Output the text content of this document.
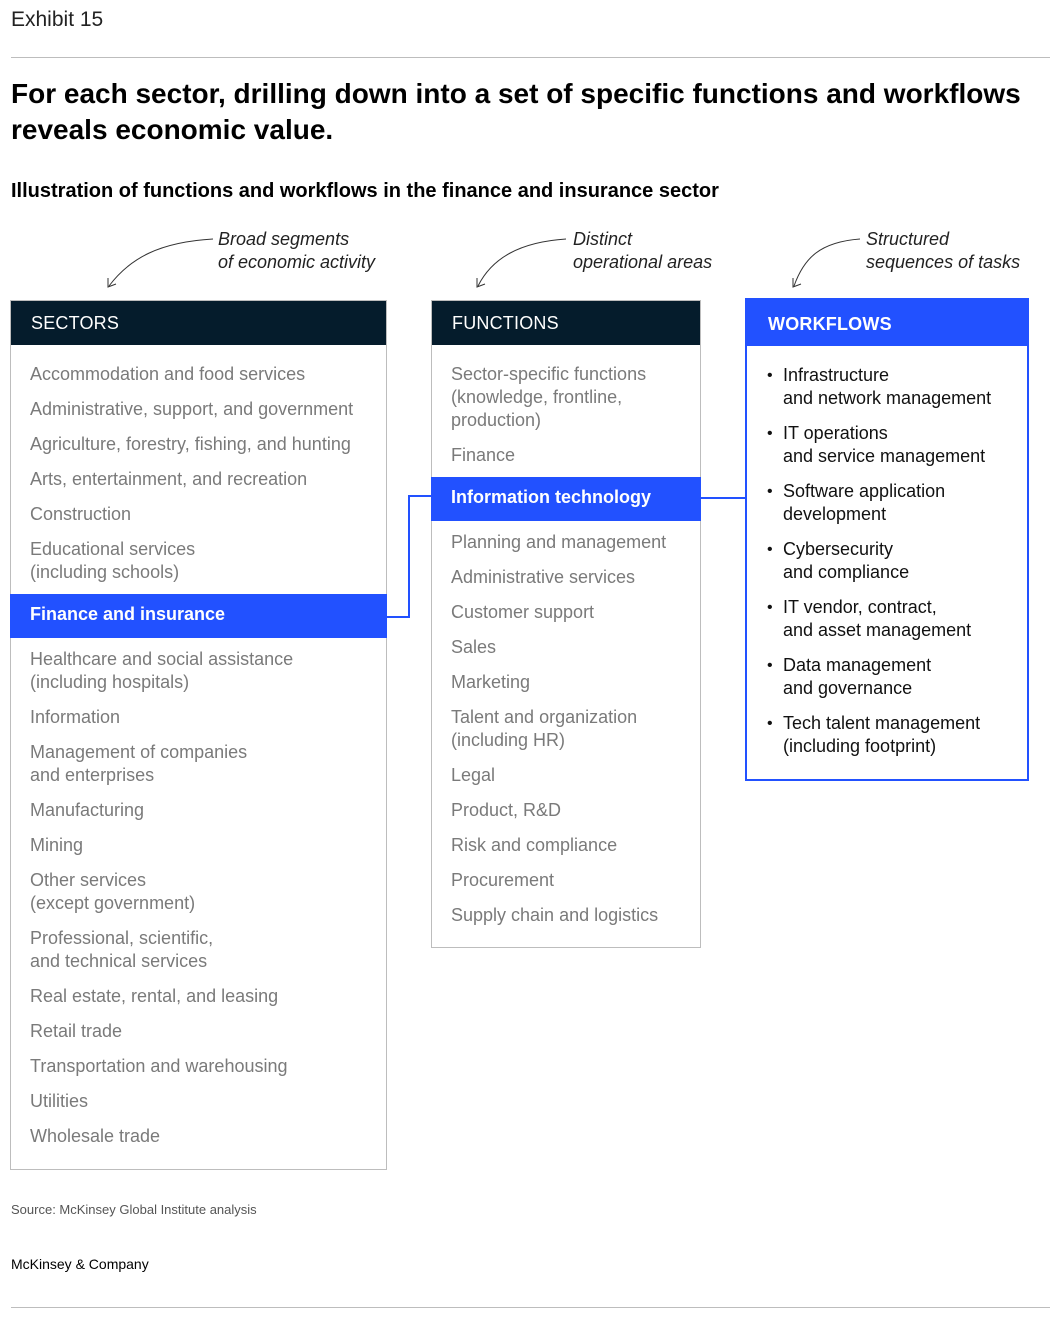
Exhibit 15
For each sector, drilling down into a set of specific functions and workflows reveals economic value.
Illustration of functions and workflows in the finance and insurance sector
Broad segments
of economic activity
Distinct
operational areas
Structured
sequences of tasks
SECTORS
Accommodation and food services
Administrative, support, and government
Agriculture, forestry, fishing, and hunting
Arts, entertainment, and recreation
Construction
Educational services
(including schools)
Finance and insurance
Healthcare and social assistance
(including hospitals)
Information
Management of companies
and enterprises
Manufacturing
Mining
Other services
(except government)
Professional, scientific,
and technical services
Real estate, rental, and leasing
Retail trade
Transportation and warehousing
Utilities
Wholesale trade
FUNCTIONS
Sector-specific functions
(knowledge, frontline,
production)
Finance
Information technology
Planning and management
Administrative services
Customer support
Sales
Marketing
Talent and organization
(including HR)
Legal
Product, R&D
Risk and compliance
Procurement
Supply chain and logistics
WORKFLOWS
• Infrastructure
and network management
• IT operations
and service management
• Software application
development
• Cybersecurity
and compliance
• IT vendor, contract,
and asset management
• Data management
and governance
• Tech talent management
(including footprint)
Source: McKinsey Global Institute analysis
McKinsey & Company
